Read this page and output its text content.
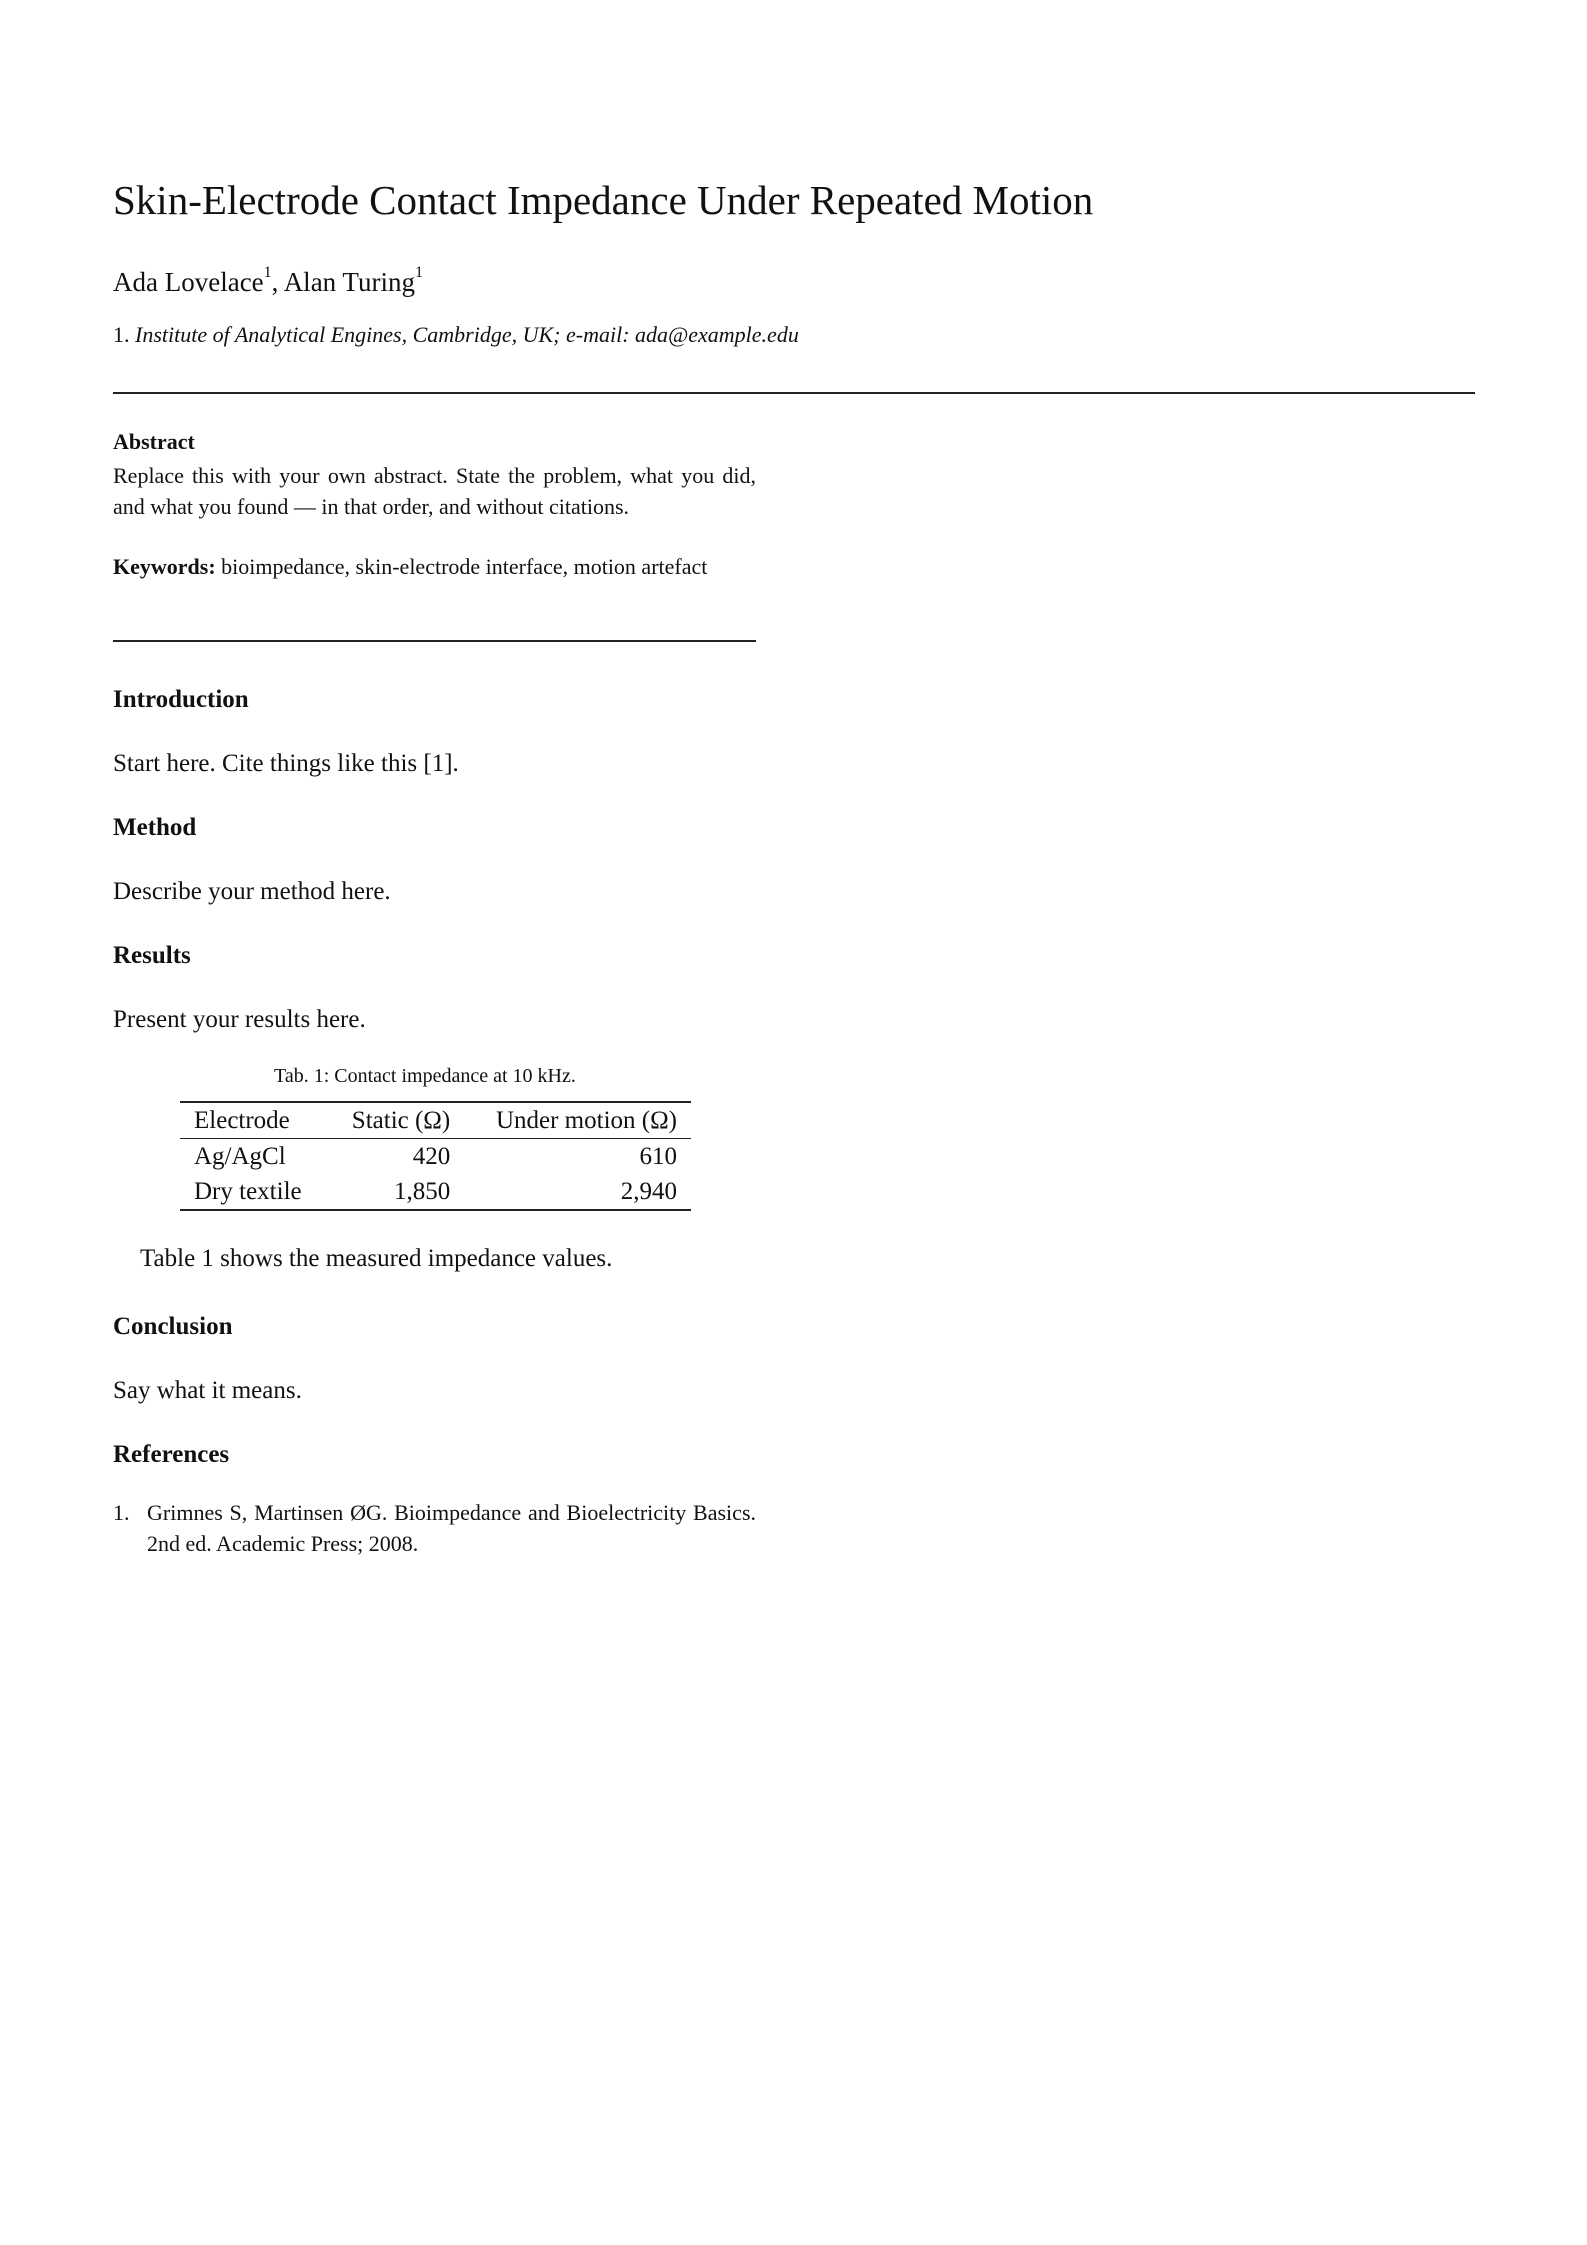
Skin-Electrode Contact Impedance Under Repeated Motion
Ada Lovelace$^1$, Alan Turing$^1$
1. Institute of Analytical Engines, Cambridge, UK; e-mail: ada@example.edu
Abstract
Replace this with your own abstract. State the problem, what you did, and what you found — in that order, and without citations.
Keywords: bioimpedance, skin-electrode interface, motion artefact
Introduction
Start here. Cite things like this [1].
Method
Describe your method here.
Results
Present your results here.
Tab. 1: Contact impedance at 10 kHz.
Electrode	Static (Ω)	Under motion (Ω)
Ag/AgCl	420	610
Dry textile	1,850	2,940
Table 1 shows the measured impedance values.
Conclusion
Say what it means.
References
1. Grimnes S, Martinsen ØG. Bioimpedance and Bioelectricity Basics. 2nd ed. Academic Press; 2008.
